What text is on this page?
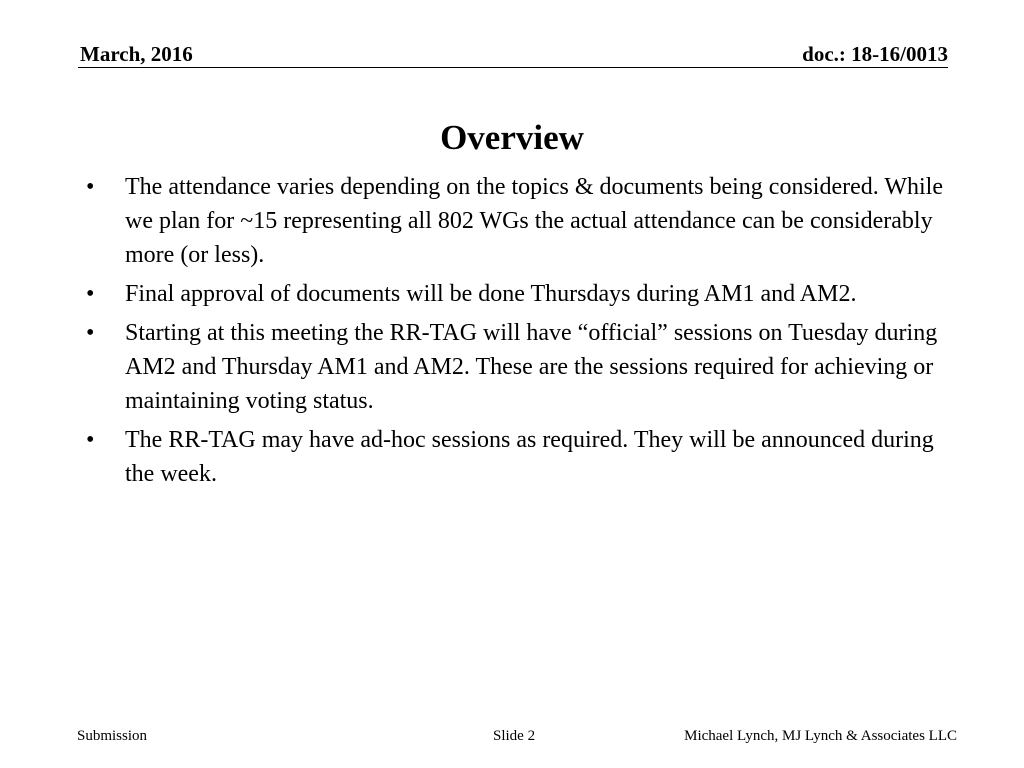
March, 2016	doc.: 18-16/0013
Overview
•	The attendance varies depending on the topics & documents being considered. While we plan for ~15 representing all 802 WGs the actual attendance can be considerably more (or less).
•	Final approval of documents will be done Thursdays during AM1 and AM2.
•	Starting at this meeting the RR-TAG will have “official” sessions on Tuesday during AM2 and Thursday AM1 and AM2. These are the sessions required for achieving or maintaining voting status.
•	The RR-TAG may have ad-hoc sessions as required. They will be announced during the week.
Submission	Slide 2	Michael Lynch, MJ Lynch & Associates LLC
